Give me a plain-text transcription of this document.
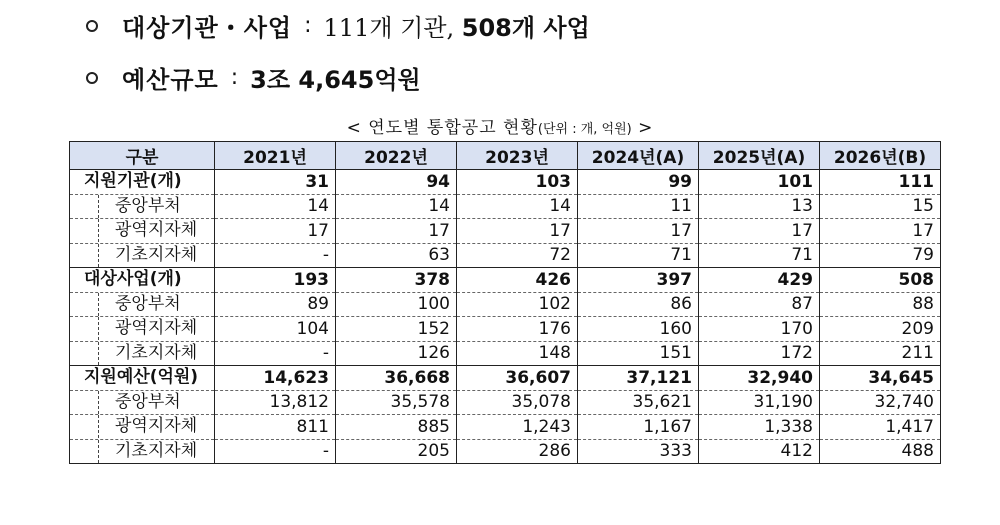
대상기관・사업 : 111개 기관, 508개 사업
예산규모 : 3조 4,645억원
< 연도별 통합공고 현황(단위 : 개, 억원) >
구분	2021년	2022년	2023년	2024년(A)	2025년(A)	2026년(B)
지원기관(개)	31	94	103	99	101	111

중앙부처	14	14	14	11	13	15

광역지자체	17	17	17	17	17	17

기초지자체	-	63	72	71	71	79
대상사업(개)	193	378	426	397	429	508

중앙부처	89	100	102	86	87	88

광역지자체	104	152	176	160	170	209

기초지자체	-	126	148	151	172	211
지원예산(억원)	14,623	36,668	36,607	37,121	32,940	34,645

중앙부처	13,812	35,578	35,078	35,621	31,190	32,740

광역지자체	811	885	1,243	1,167	1,338	1,417

기초지자체	-	205	286	333	412	488
